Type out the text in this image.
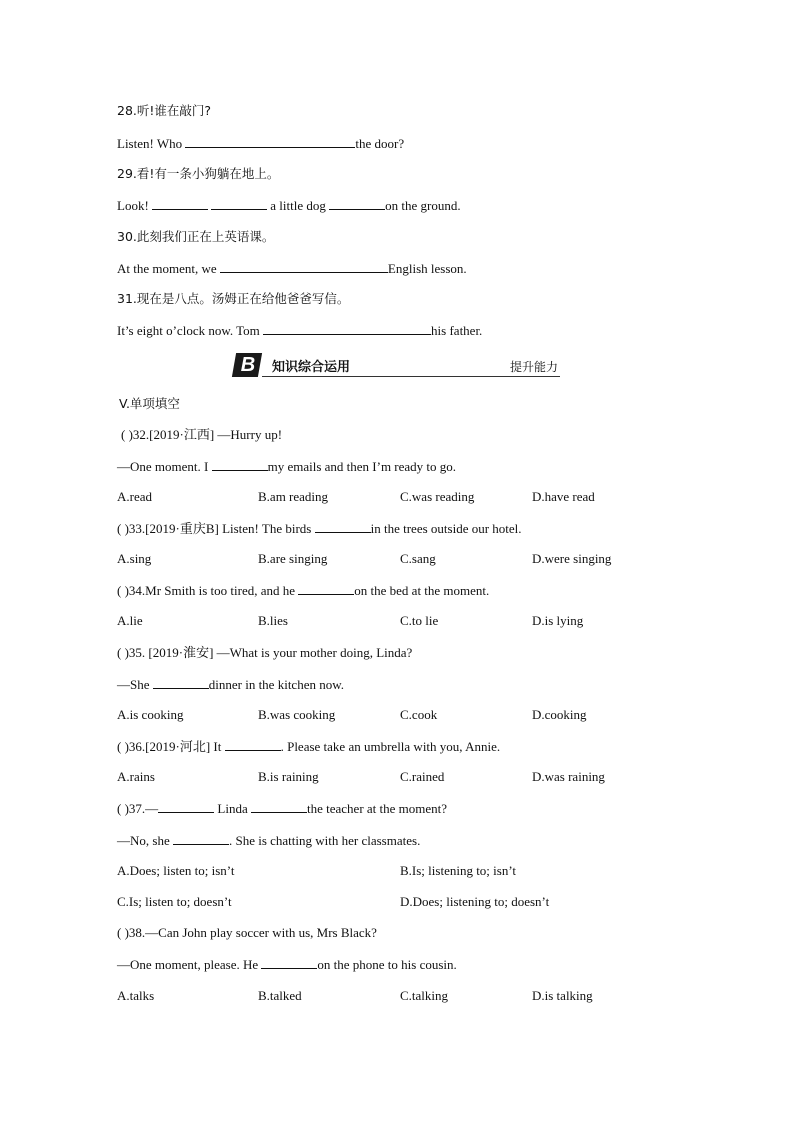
28.听!谁在敲门?
Listen! Who	the door?
29.看!有一条小狗躺在地上。
Look!	a little dog	on the ground.
30.此刻我们正在上英语课。
At the moment, we	English lesson.
31.现在是八点。汤姆正在给他爸爸写信。
It’s eight o’clock now. Tom	his father.
B	知识综合运用	提升能力
V.单项填空
( )32.[2019·江西] —Hurry up!
—One moment. I	my emails and then I’m ready to go.
A.read	B.am reading	C.was reading	D.have read
( )33.[2019·重庆B] Listen! The birds	in the trees outside our hotel.
A.sing	B.are singing	C.sang	D.were singing
( )34.Mr Smith is too tired, and he	on the bed at the moment.
A.lie	B.lies	C.to lie	D.is lying
( )35. [2019·淮安] —What is your mother doing, Linda?
—She	dinner in the kitchen now.
A.is cooking	B.was cooking	C.cook	D.cooking
( )36.[2019·河北] It	. Please take an umbrella with you, Annie.
A.rains	B.is raining	C.rained	D.was raining
( )37.—	Linda	the teacher at the moment?
—No, she	. She is chatting with her classmates.
A.Does; listen to; isn’t	B.Is; listening to; isn’t
C.Is; listen to; doesn’t	D.Does; listening to; doesn’t
( )38.—Can John play soccer with us, Mrs Black?
—One moment, please. He	on the phone to his cousin.
A.talks	B.talked	C.talking	D.is talking
